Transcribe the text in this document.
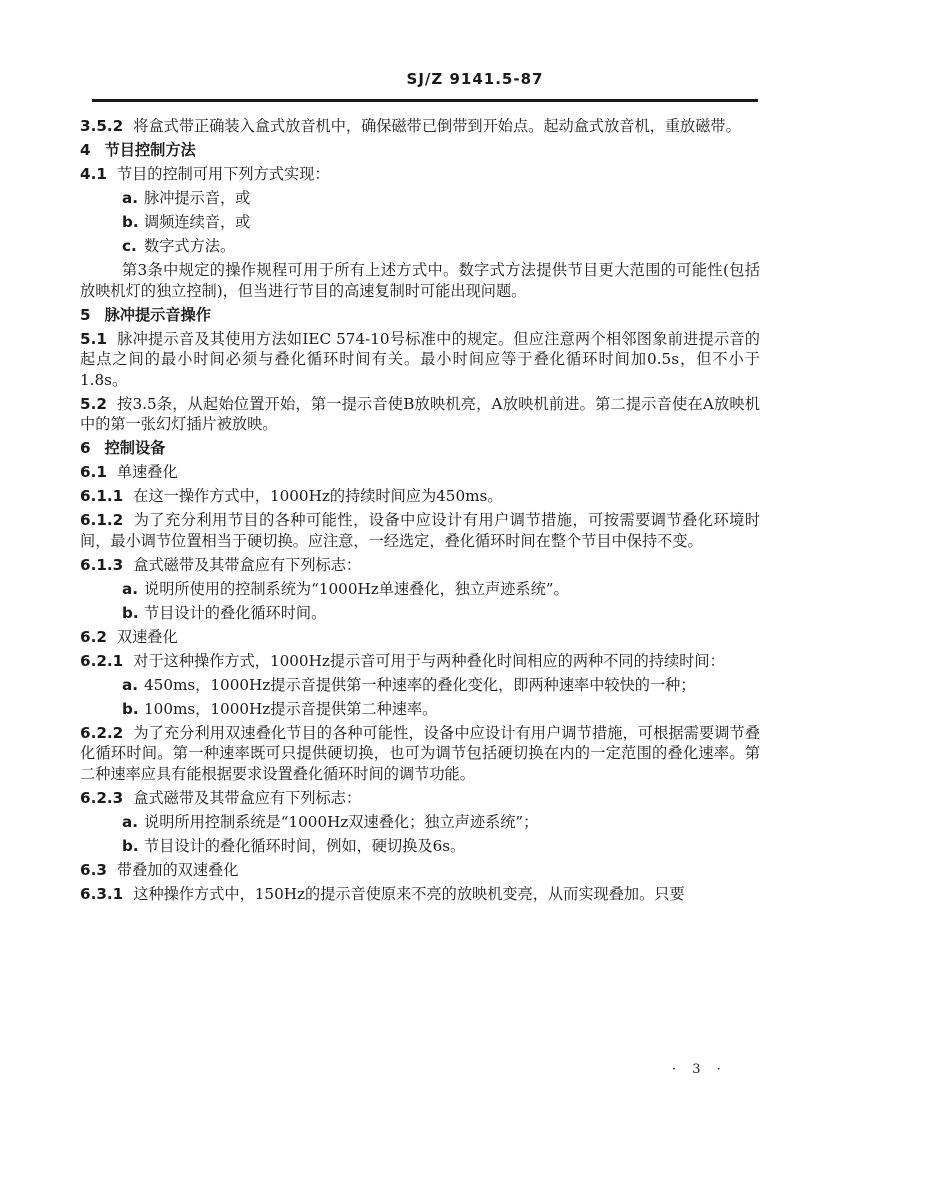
SJ/Z 9141.5-87

3.5.2 将盒式带正确装入盒式放音机中，确保磁带已倒带到开始点。起动盒式放音机，重放磁带。

4 节目控制方法

4.1 节目的控制可用下列方式实现：

a. 脉冲提示音，或

b. 调频连续音，或

c. 数字式方法。

第3条中规定的操作规程可用于所有上述方式中。数字式方法提供节目更大范围的可能性(包括放映机灯的独立控制)，但当进行节目的高速复制时可能出现问题。

5 脉冲提示音操作

5.1 脉冲提示音及其使用方法如IEC 574-10号标准中的规定。但应注意两个相邻图象前进提示音的起点之间的最小时间必须与叠化循环时间有关。最小时间应等于叠化循环时间加0.5s，但不小于1.8s。

5.2 按3.5条，从起始位置开始，第一提示音使B放映机亮，A放映机前进。第二提示音使在A放映机中的第一张幻灯插片被放映。

6 控制设备

6.1 单速叠化

6.1.1 在这一操作方式中，1000Hz的持续时间应为450ms。

6.1.2 为了充分利用节目的各种可能性，设备中应设计有用户调节措施，可按需要调节叠化环境时间，最小调节位置相当于硬切换。应注意，一经选定，叠化循环时间在整个节目中保持不变。

6.1.3 盒式磁带及其带盒应有下列标志：

a. 说明所使用的控制系统为“1000Hz单速叠化，独立声迹系统”。

b. 节目设计的叠化循环时间。

6.2 双速叠化

6.2.1 对于这种操作方式，1000Hz提示音可用于与两种叠化时间相应的两种不同的持续时间：

a. 450ms，1000Hz提示音提供第一种速率的叠化变化，即两种速率中较快的一种；

b. 100ms，1000Hz提示音提供第二种速率。

6.2.2 为了充分利用双速叠化节目的各种可能性，设备中应设计有用户调节措施，可根据需要调节叠化循环时间。第一种速率既可只提供硬切换，也可为调节包括硬切换在内的一定范围的叠化速率。第二种速率应具有能根据要求设置叠化循环时间的调节功能。

6.2.3 盒式磁带及其带盒应有下列标志：

a. 说明所用控制系统是“1000Hz双速叠化；独立声迹系统”；

b. 节目设计的叠化循环时间，例如，硬切换及6s。

6.3 带叠加的双速叠化

6.3.1 这种操作方式中，150Hz的提示音使原来不亮的放映机变亮，从而实现叠加。只要

· 3 ·
